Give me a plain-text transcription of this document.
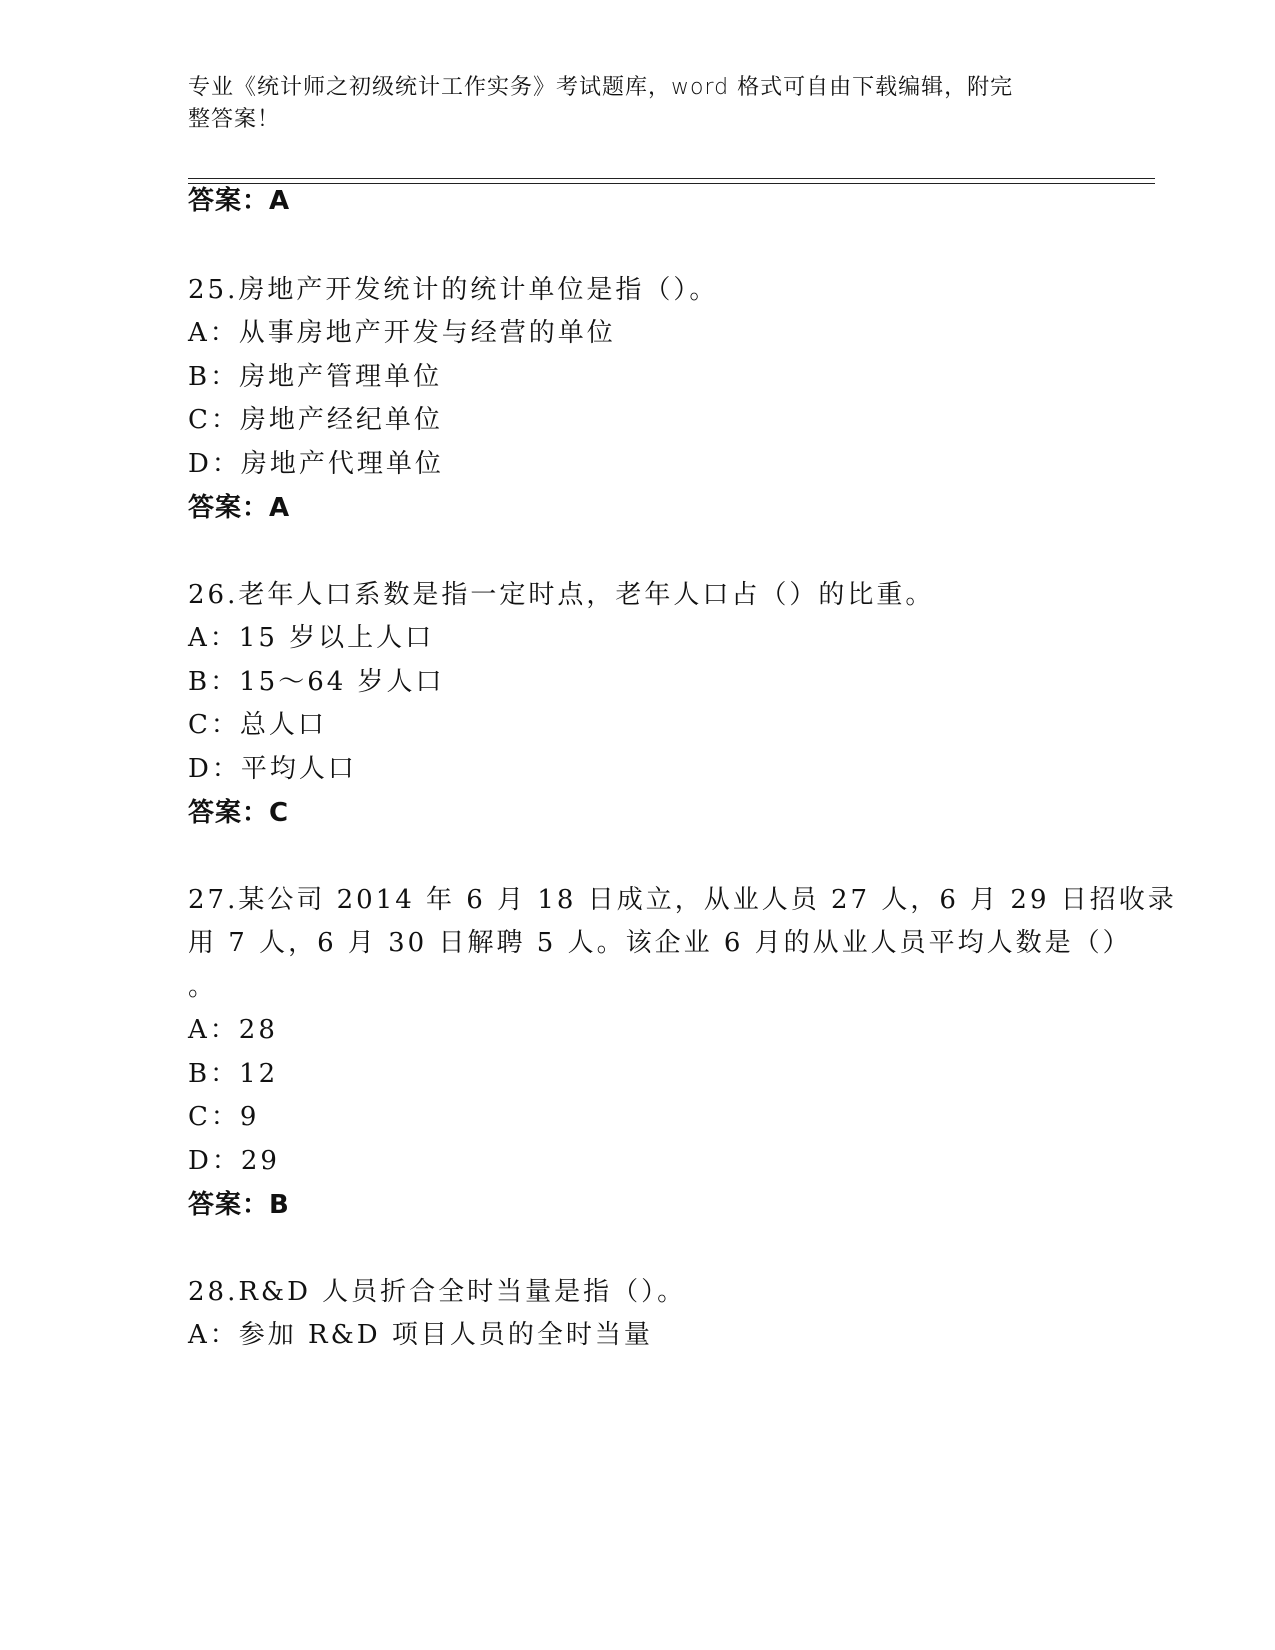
专业《统计师之初级统计工作实务》考试题库，word 格式可自由下载编辑，附完
整答案！
答案：A
25.房地产开发统计的统计单位是指（）。
A：从事房地产开发与经营的单位
B：房地产管理单位
C：房地产经纪单位
D：房地产代理单位
答案：A
26.老年人口系数是指一定时点，老年人口占（）的比重。
A：15 岁以上人口
B：15～64 岁人口
C：总人口
D：平均人口
答案：C
27.某公司 2014 年 6 月 18 日成立，从业人员 27 人，6 月 29 日招收录
用 7 人，6 月 30 日解聘 5 人。该企业 6 月的从业人员平均人数是（）
。
A：28
B：12
C：9
D：29
答案：B
28.R&D 人员折合全时当量是指（）。
A：参加 R&D 项目人员的全时当量
